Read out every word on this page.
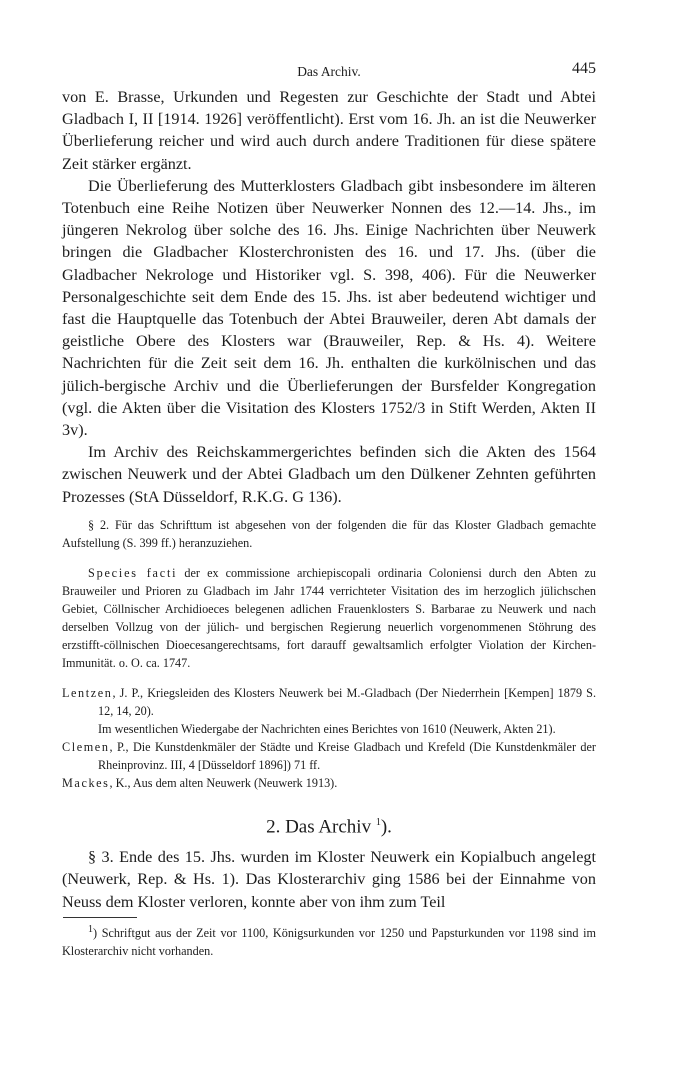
Das Archiv.	445

von E. Brasse, Urkunden und Regesten zur Geschichte der Stadt und Abtei Gladbach I, II [1914. 1926] veröffentlicht). Erst vom 16. Jh. an ist die Neuwerker Überlieferung reicher und wird auch durch andere Traditionen für diese spätere Zeit stärker ergänzt.

Die Überlieferung des Mutterklosters Gladbach gibt insbesondere im älteren Totenbuch eine Reihe Notizen über Neuwerker Nonnen des 12.—14. Jhs., im jüngeren Nekrolog über solche des 16. Jhs. Einige Nachrichten über Neuwerk bringen die Gladbacher Klosterchronisten des 16. und 17. Jhs. (über die Gladbacher Nekrologe und Historiker vgl. S. 398, 406). Für die Neuwerker Personalgeschichte seit dem Ende des 15. Jhs. ist aber bedeutend wichtiger und fast die Hauptquelle das Totenbuch der Abtei Brauweiler, deren Abt damals der geistliche Obere des Klosters war (Brauweiler, Rep. & Hs. 4). Weitere Nachrichten für die Zeit seit dem 16. Jh. enthalten die kurkölnischen und das jülich-bergische Archiv und die Überlieferungen der Bursfelder Kongregation (vgl. die Akten über die Visitation des Klosters 1752/3 in Stift Werden, Akten II 3v).

Im Archiv des Reichskammergerichtes befinden sich die Akten des 1564 zwischen Neuwerk und der Abtei Gladbach um den Dülkener Zehnten geführten Prozesses (StA Düsseldorf, R.K.G. G 136).

§ 2. Für das Schrifttum ist abgesehen von der folgenden die für das Kloster Gladbach gemachte Aufstellung (S. 399 ff.) heranzuziehen.

Species facti der ex commissione archiepiscopali ordinaria Coloniensi durch den Abten zu Brauweiler und Prioren zu Gladbach im Jahr 1744 verrichteter Visitation des im herzoglich jülichschen Gebiet, Cöllnischer Archidioeces belegenen adlichen Frauenklosters S. Barbarae zu Neuwerk und nach derselben Vollzug von der jülich- und bergischen Regierung neuerlich vorgenommenen Stöhrung des erzstifft-cöllnischen Dioecesangerechtsams, fort darauff gewaltsamlich erfolgter Violation der Kirchen-Immunität. o. O. ca. 1747.

Lentzen, J. P., Kriegsleiden des Klosters Neuwerk bei M.-Gladbach (Der Niederrhein [Kempen] 1879 S. 12, 14, 20).
Im wesentlichen Wiedergabe der Nachrichten eines Berichtes von 1610 (Neuwerk, Akten 21).
Clemen, P., Die Kunstdenkmäler der Städte und Kreise Gladbach und Krefeld (Die Kunstdenkmäler der Rheinprovinz. III, 4 [Düsseldorf 1896]) 71 ff.
Mackes, K., Aus dem alten Neuwerk (Neuwerk 1913).
2. Das Archiv $^1$).

§ 3. Ende des 15. Jhs. wurden im Kloster Neuwerk ein Kopialbuch angelegt (Neuwerk, Rep. & Hs. 1). Das Klosterarchiv ging 1586 bei der Einnahme von Neuss dem Kloster verloren, konnte aber von ihm zum Teil

$^1$) Schriftgut aus der Zeit vor 1100, Königsurkunden vor 1250 und Papsturkunden vor 1198 sind im Klosterarchiv nicht vorhanden.
